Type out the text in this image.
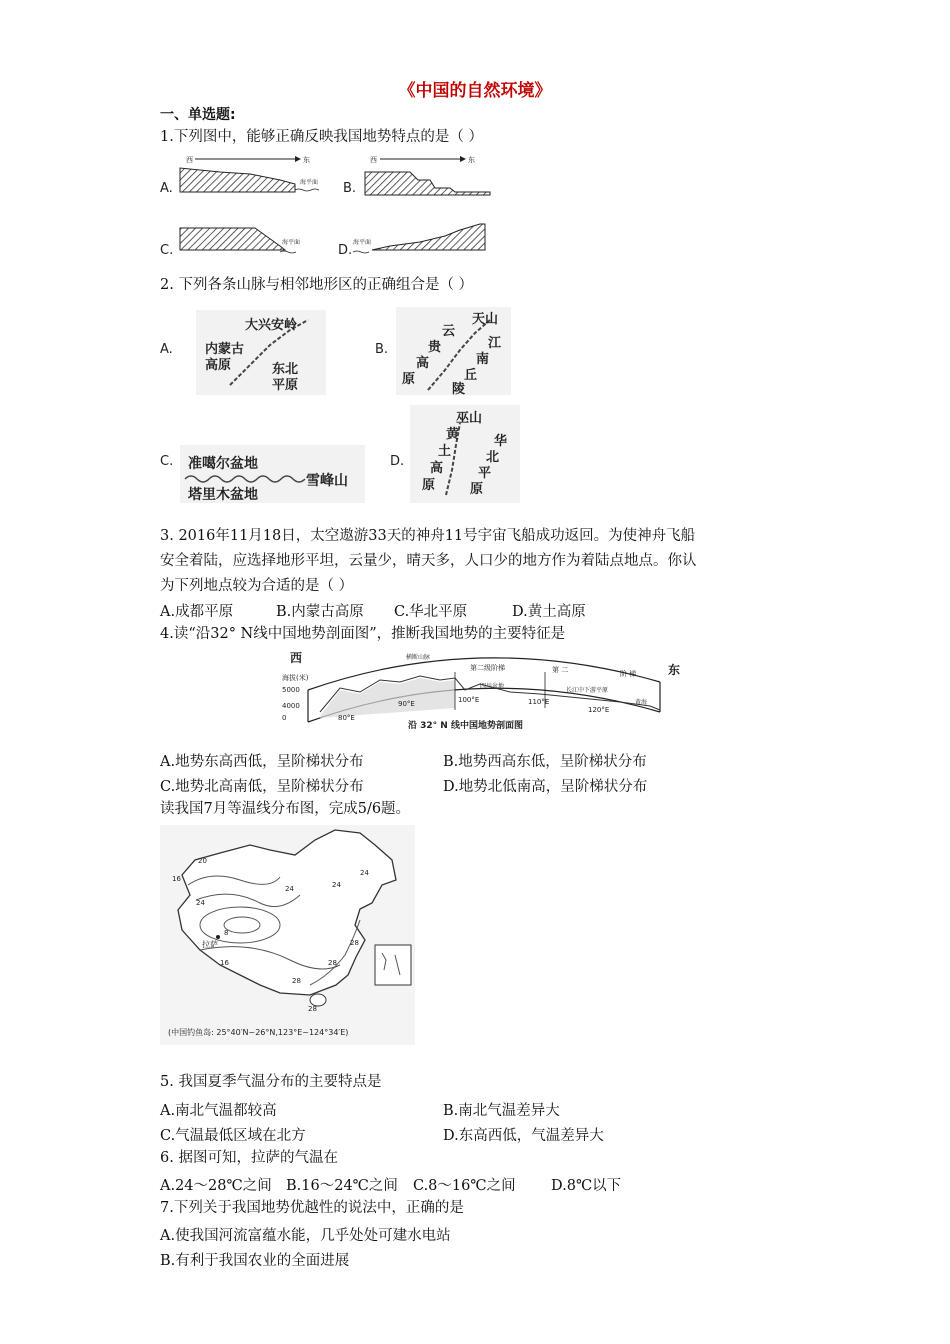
《中国的自然环境》
一、单选题:
1.下列图中，能够正确反映我国地势特点的是（ ）
A.
西	东
海平面 B.
西	东
C.
海平面
D.
海平面
2. 下列各条山脉与相邻地形区的正确组合是（ ）
A.
大兴安岭
内蒙古
高原	东北
平原
B.
天山
云
贵
高
原
江
南
丘
陵
C. 准噶尔盆地
塔里木盆地
雪峰山
D.
巫山
黄
土
高
原
华
北
平
原
3. 2016年11月18日，太空遨游33天的神舟11号宇宙飞船成功返回。为使神舟飞船
安全着陆，应选择地形平坦，云量少，晴天多，人口少的地方作为着陆点地点。你认
为下列地点较为合适的是（ ）
A.成都平原	B.内蒙古高原 C.华北平原	D.黄土高原
4.读“沿32° N线中国地势剖面图”，推断我国地势的主要特征是
西
东
海拔(米)
5000
4000
0
横断山脉
第二级阶梯	第 二	阶 梯
四川盆地
长江中下游平原
黄海
80°E
90°E	100°E	110°E
120°E
沿 32° N 线中国地势剖面图
A.地势东高西低，呈阶梯状分布	B.地势西高东低，呈阶梯状分布
C.地势北高南低，呈阶梯状分布	D.地势北低南高，呈阶梯状分布
读我国7月等温线分布图，完成5/6题。
拉萨
20
16
24
24	24
24
28
28
8
16
28
28
(中国钓鱼岛: 25°40′N~26°N,123°E~124°34′E)
5. 我国夏季气温分布的主要特点是
A.南北气温都较高	B.南北气温差异大
C.气温最低区域在北方	D.东高西低，气温差异大
6. 据图可知，拉萨的气温在
A.24～28℃之间 B.16～24℃之间 C.8～16℃之间 D.8℃以下
7.下列关于我国地势优越性的说法中，正确的是
A.使我国河流富蕴水能，几乎处处可建水电站
B.有利于我国农业的全面进展
